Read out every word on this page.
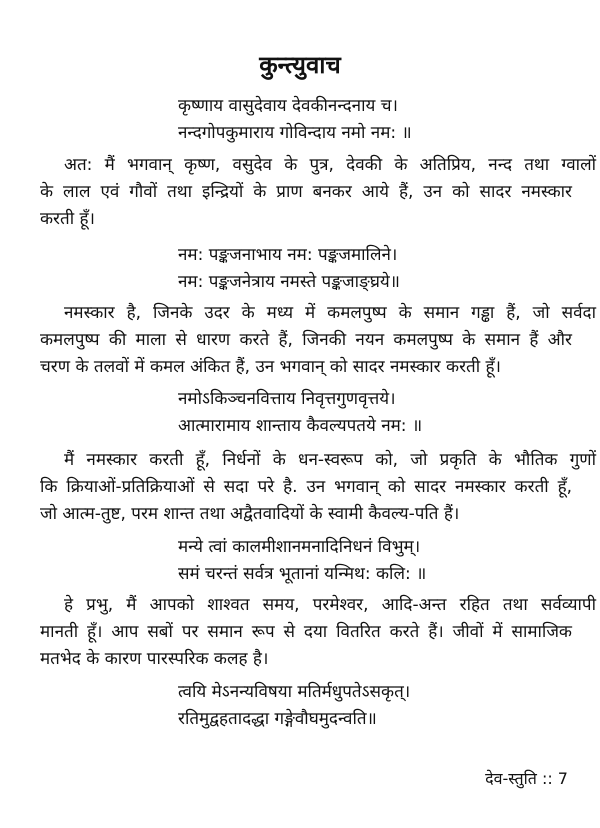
कुन्त्युवाच
कृष्णाय वासुदेवाय देवकीनन्दनाय च।
नन्दगोपकुमाराय गोविन्दाय नमो नम: ॥
अत: मैं भगवान् कृष्ण, वसुदेव के पुत्र, देवकी के अतिप्रिय, नन्द तथा ग्वालों
के लाल एवं गौवों तथा इन्द्रियों के प्राण बनकर आये हैं, उन को सादर नमस्कार
करती हूँ।
नम: पङ्कजनाभाय नम: पङ्कजमालिने।
नम: पङ्कजनेत्राय नमस्ते पङ्कजाङ्घ्रये॥
नमस्कार है, जिनके उदर के मध्य में कमलपुष्प के समान गड्ढा हैं, जो सर्वदा
कमलपुष्प की माला से धारण करते हैं, जिनकी नयन कमलपुष्प के समान हैं और
चरण के तलवों में कमल अंकित हैं, उन भगवान् को सादर नमस्कार करती हूँ।
नमोऽकिञ्चनवित्ताय निवृत्तगुणवृत्तये।
आत्मारामाय शान्ताय कैवल्यपतये नम: ॥
मैं नमस्कार करती हूँ, निर्धनों के धन-स्वरूप को, जो प्रकृति के भौतिक गुणों
कि क्रियाओं-प्रतिक्रियाओं से सदा परे है. उन भगवान् को सादर नमस्कार करती हूँ,
जो आत्म-तुष्ट, परम शान्त तथा अद्वैतवादियों के स्वामी कैवल्य-पति हैं।
मन्ये त्वां कालमीशानमनादिनिधनं विभुम्।
समं चरन्तं सर्वत्र भूतानां यन्मिथ: कलि: ॥
हे प्रभु, मैं आपको शाश्वत समय, परमेश्वर, आदि-अन्त रहित तथा सर्वव्यापी
मानती हूँ। आप सबों पर समान रूप से दया वितरित करते हैं। जीवों में सामाजिक
मतभेद के कारण पारस्परिक कलह है।
त्वयि मेऽनन्यविषया मतिर्मधुपतेऽसकृत्।
रतिमुद्वहतादद्धा गङ्गेवौघमुदन्वति॥
देव-स्तुति :: 7
